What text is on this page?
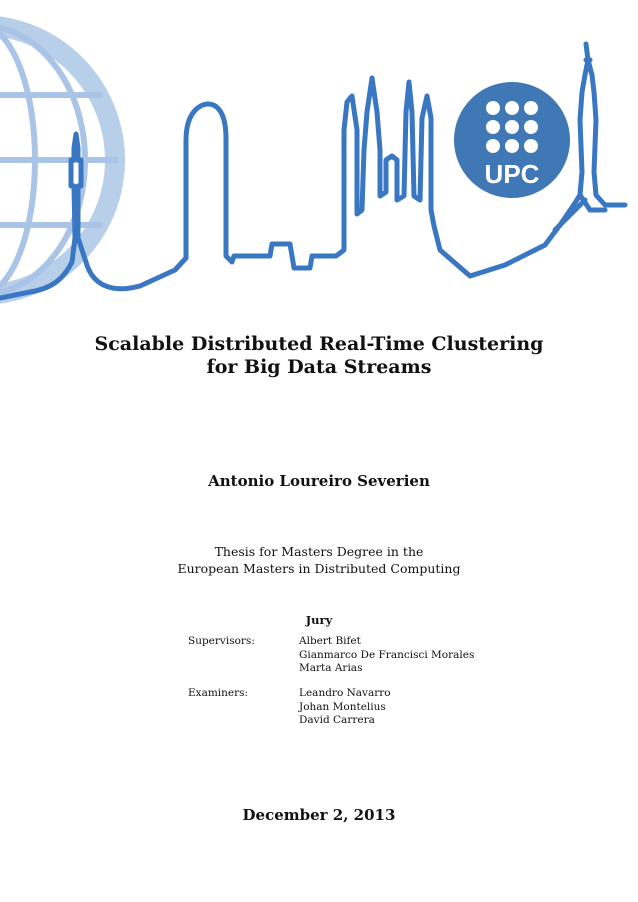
UPC
Scalable Distributed Real-Time Clustering
for Big Data Streams
Antonio Loureiro Severien
Thesis for Masters Degree in the
European Masters in Distributed Computing
Jury
Supervisors:	Albert Bifet
Gianmarco De Francisci Morales
Marta Arias
Examiners:	Leandro Navarro
Johan Montelius
David Carrera
December 2, 2013
